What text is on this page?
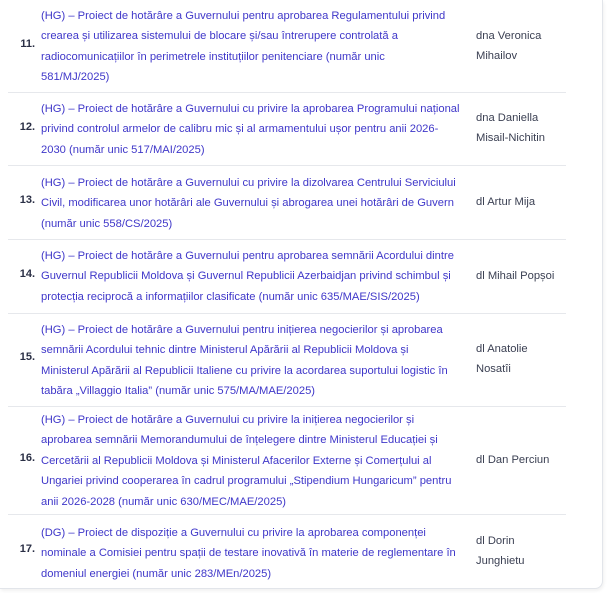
11.
(HG) – Proiect de hotărâre a Guvernului pentru aprobarea Regulamentului privind
crearea și utilizarea sistemului de blocare și/sau întrerupere controlată a
radiocomunicațiilor în perimetrele instituțiilor penitenciare (număr unic
581/MJ/2025)
dna Veronica
Mihailov
12.
(HG) – Proiect de hotărâre a Guvernului cu privire la aprobarea Programului național
privind controlul armelor de calibru mic și al armamentului ușor pentru anii 2026-
2030 (număr unic 517/MAI/2025)
dna Daniella
Misail-Nichitin
13.
(HG) – Proiect de hotărâre a Guvernului cu privire la dizolvarea Centrului Serviciului
Civil, modificarea unor hotărâri ale Guvernului și abrogarea unei hotărâri de Guvern
(număr unic 558/CS/2025)
dl Artur Mija
14.
(HG) – Proiect de hotărâre a Guvernului pentru aprobarea semnării Acordului dintre
Guvernul Republicii Moldova și Guvernul Republicii Azerbaidjan privind schimbul și
protecția reciprocă a informațiilor clasificate (număr unic 635/MAE/SIS/2025)
dl Mihail Popșoi
15.
(HG) – Proiect de hotărâre a Guvernului pentru inițierea negocierilor și aprobarea
semnării Acordului tehnic dintre Ministerul Apărării al Republicii Moldova și
Ministerul Apărării al Republicii Italiene cu privire la acordarea suportului logistic în
tabăra „Villaggio Italia” (număr unic 575/MA/MAE/2025)
dl Anatolie
Nosatîi
16.
(HG) – Proiect de hotărâre a Guvernului cu privire la inițierea negocierilor și
aprobarea semnării Memorandumului de înțelegere dintre Ministerul Educației și
Cercetării al Republicii Moldova și Ministerul Afacerilor Externe și Comerțului al
Ungariei privind cooperarea în cadrul programului „Stipendium Hungaricum” pentru
anii 2026-2028 (număr unic 630/MEC/MAE/2025)
dl Dan Perciun
17.
(DG) – Proiect de dispoziție a Guvernului cu privire la aprobarea componenței
nominale a Comisiei pentru spații de testare inovativă în materie de reglementare în
domeniul energiei (număr unic 283/MEn/2025)
dl Dorin
Junghietu
